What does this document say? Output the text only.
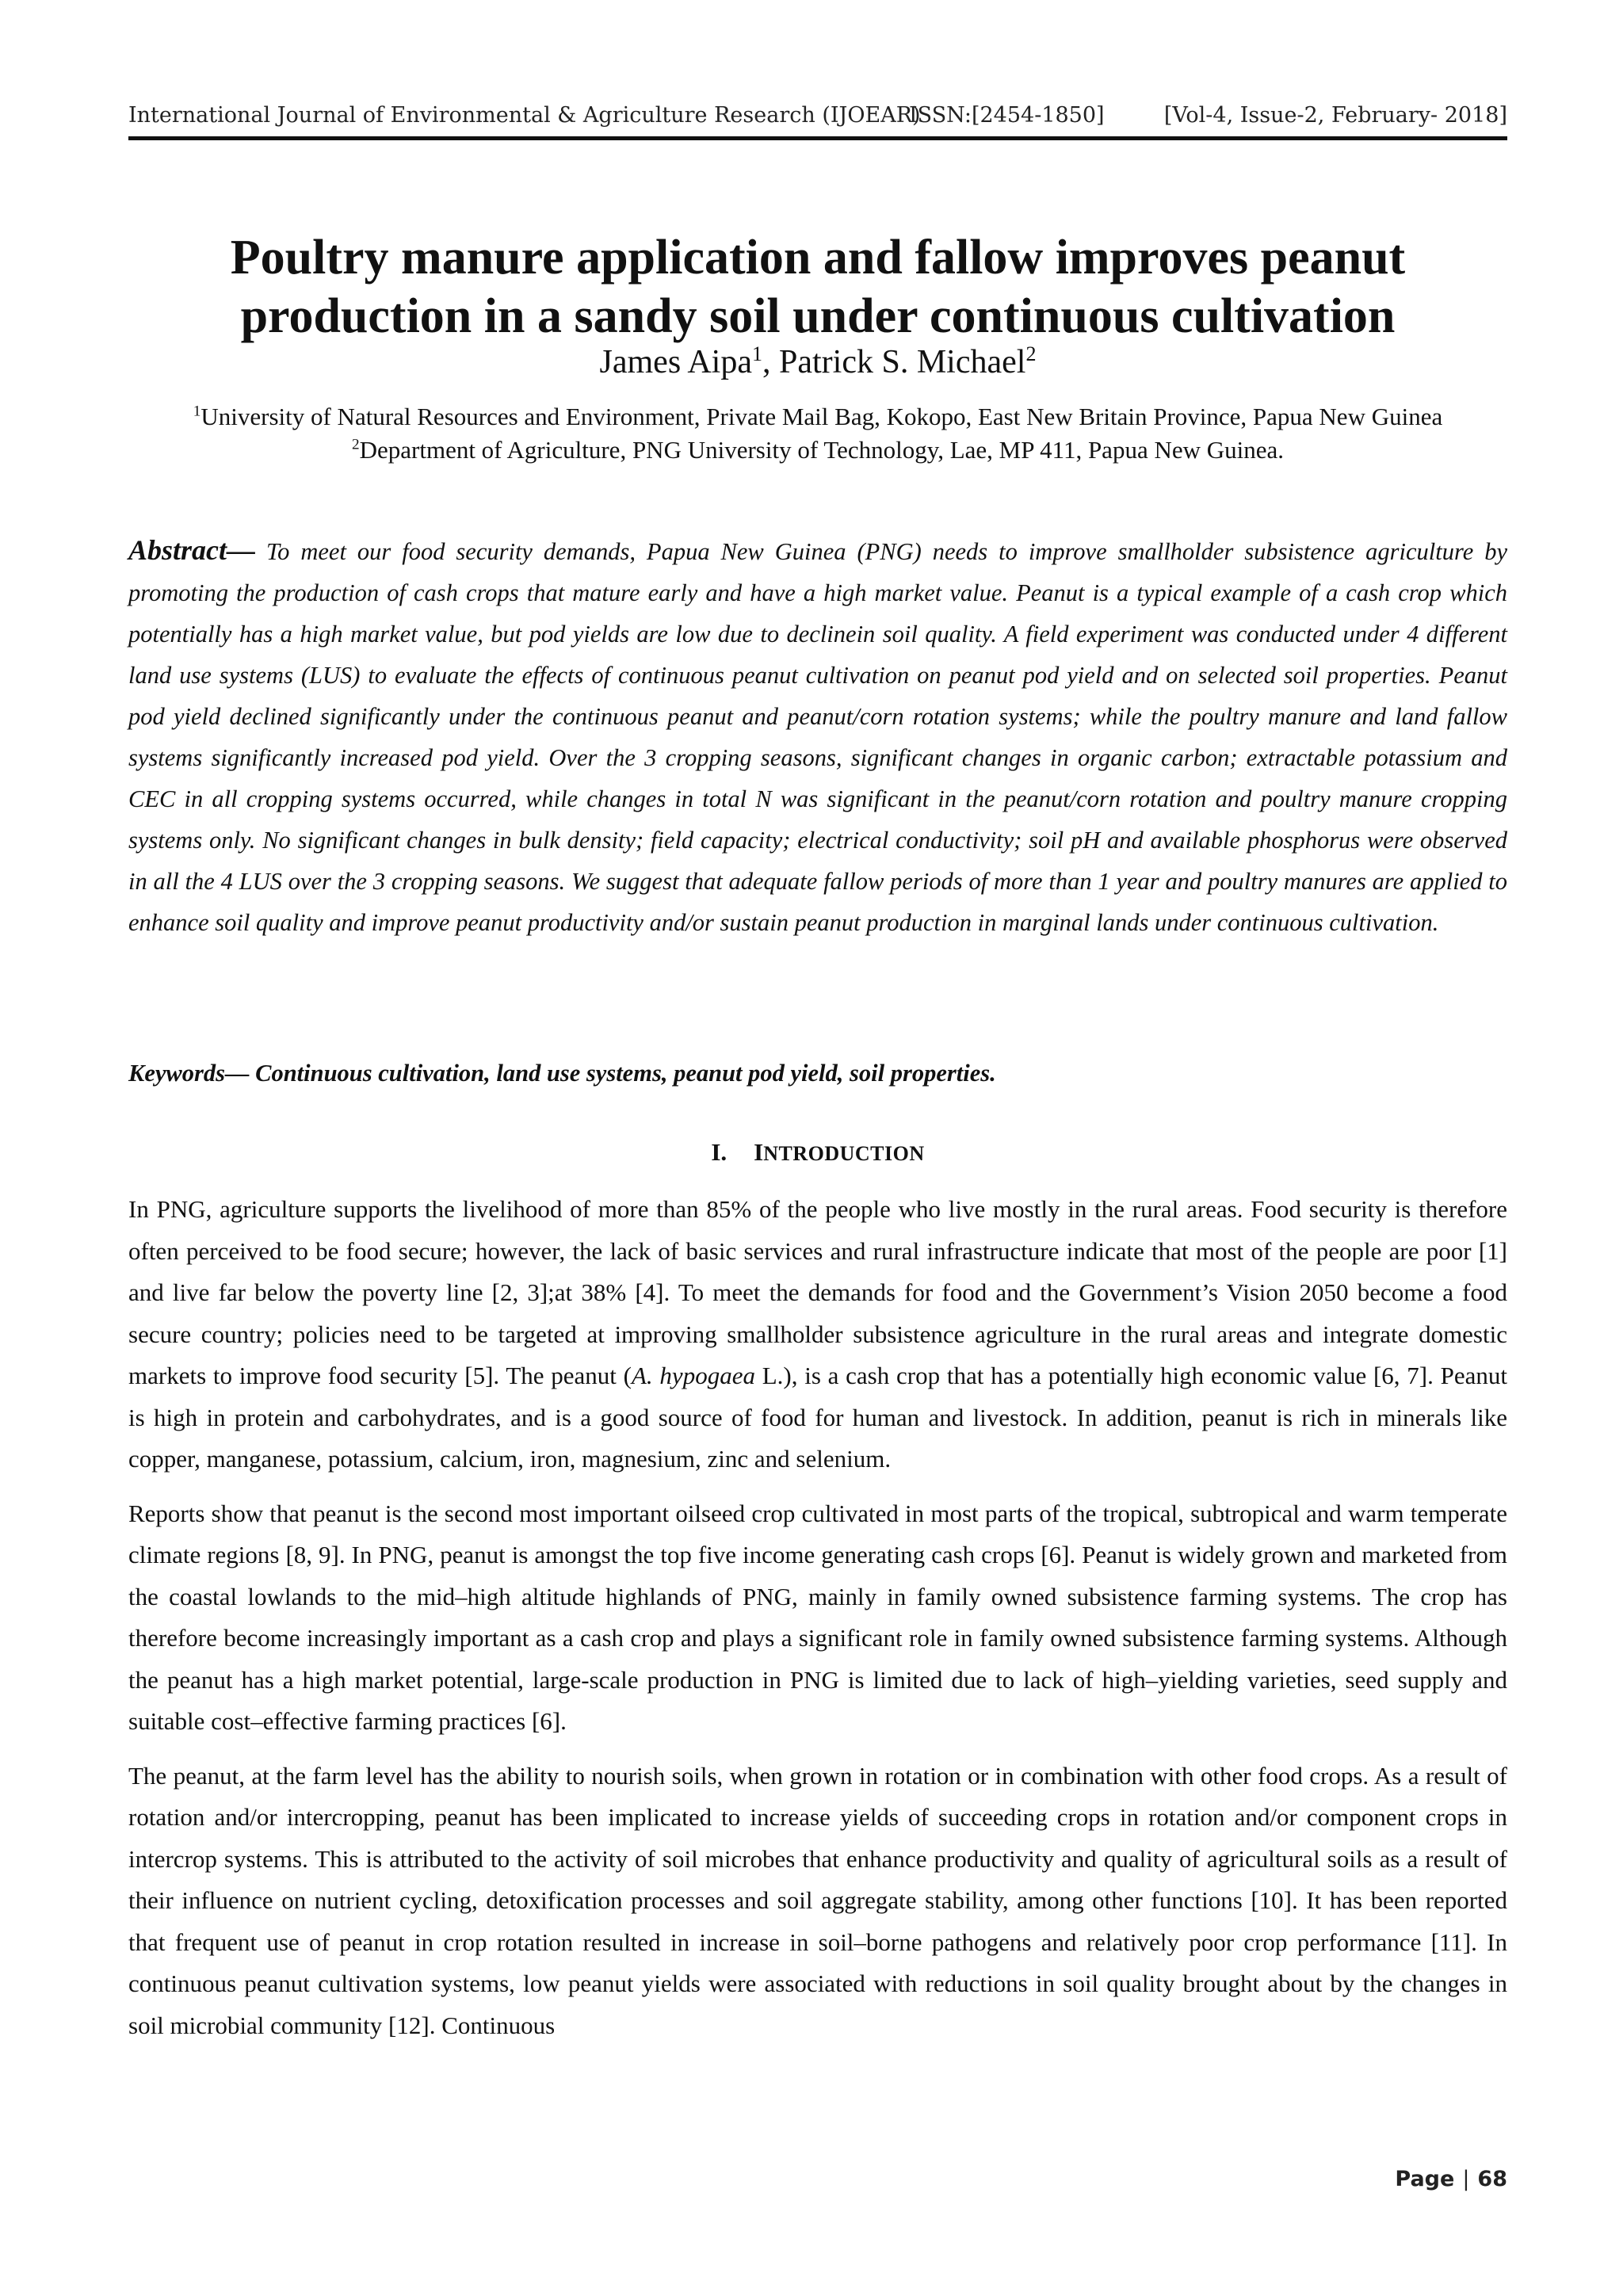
International Journal of Environmental & Agriculture Research (IJOEAR)
ISSN:[2454-1850]	[Vol-4, Issue-2, February- 2018]
Poultry manure application and fallow improves peanut production in a sandy soil under continuous cultivation
James Aipa$^1$, Patrick S. Michael$^2$
$^1$University of Natural Resources and Environment, Private Mail Bag, Kokopo, East New Britain Province, Papua New Guinea
$^2$Department of Agriculture, PNG University of Technology, Lae, MP 411, Papua New Guinea.

Abstract— To meet our food security demands, Papua New Guinea (PNG) needs to improve smallholder subsistence agriculture by promoting the production of cash crops that mature early and have a high market value. Peanut is a typical example of a cash crop which potentially has a high market value, but pod yields are low due to declinein soil quality. A field experiment was conducted under 4 different land use systems (LUS) to evaluate the effects of continuous peanut cultivation on peanut pod yield and on selected soil properties. Peanut pod yield declined significantly under the continuous peanut and peanut/corn rotation systems; while the poultry manure and land fallow systems significantly increased pod yield. Over the 3 cropping seasons, significant changes in organic carbon; extractable potassium and CEC in all cropping systems occurred, while changes in total N was significant in the peanut/corn rotation and poultry manure cropping systems only. No significant changes in bulk density; field capacity; electrical conductivity; soil pH and available phosphorus were observed in all the 4 LUS over the 3 cropping seasons. We suggest that adequate fallow periods of more than 1 year and poultry manures are applied to enhance soil quality and improve peanut productivity and/or sustain peanut production in marginal lands under continuous cultivation.

Keywords— Continuous cultivation, land use systems, peanut pod yield, soil properties.

I. INTRODUCTION

In PNG, agriculture supports the livelihood of more than 85% of the people who live mostly in the rural areas. Food security is therefore often perceived to be food secure; however, the lack of basic services and rural infrastructure indicate that most of the people are poor [1] and live far below the poverty line [2, 3];at 38% [4]. To meet the demands for food and the Government’s Vision 2050 become a food secure country; policies need to be targeted at improving smallholder subsistence agriculture in the rural areas and integrate domestic markets to improve food security [5]. The peanut (A. hypogaea L.), is a cash crop that has a potentially high economic value [6, 7]. Peanut is high in protein and carbohydrates, and is a good source of food for human and livestock. In addition, peanut is rich in minerals like copper, manganese, potassium, calcium, iron, magnesium, zinc and selenium.

Reports show that peanut is the second most important oilseed crop cultivated in most parts of the tropical, subtropical and warm temperate climate regions [8, 9]. In PNG, peanut is amongst the top five income generating cash crops [6]. Peanut is widely grown and marketed from the coastal lowlands to the mid–high altitude highlands of PNG, mainly in family owned subsistence farming systems. The crop has therefore become increasingly important as a cash crop and plays a significant role in family owned subsistence farming systems. Although the peanut has a high market potential, large-scale production in PNG is limited due to lack of high–yielding varieties, seed supply and suitable cost–effective farming practices [6].

The peanut, at the farm level has the ability to nourish soils, when grown in rotation or in combination with other food crops. As a result of rotation and/or intercropping, peanut has been implicated to increase yields of succeeding crops in rotation and/or component crops in intercrop systems. This is attributed to the activity of soil microbes that enhance productivity and quality of agricultural soils as a result of their influence on nutrient cycling, detoxification processes and soil aggregate stability, among other functions [10]. It has been reported that frequent use of peanut in crop rotation resulted in increase in soil–borne pathogens and relatively poor crop performance [11]. In continuous peanut cultivation systems, low peanut yields were associated with reductions in soil quality brought about by the changes in soil microbial community [12]. Continuous

Page | 68
